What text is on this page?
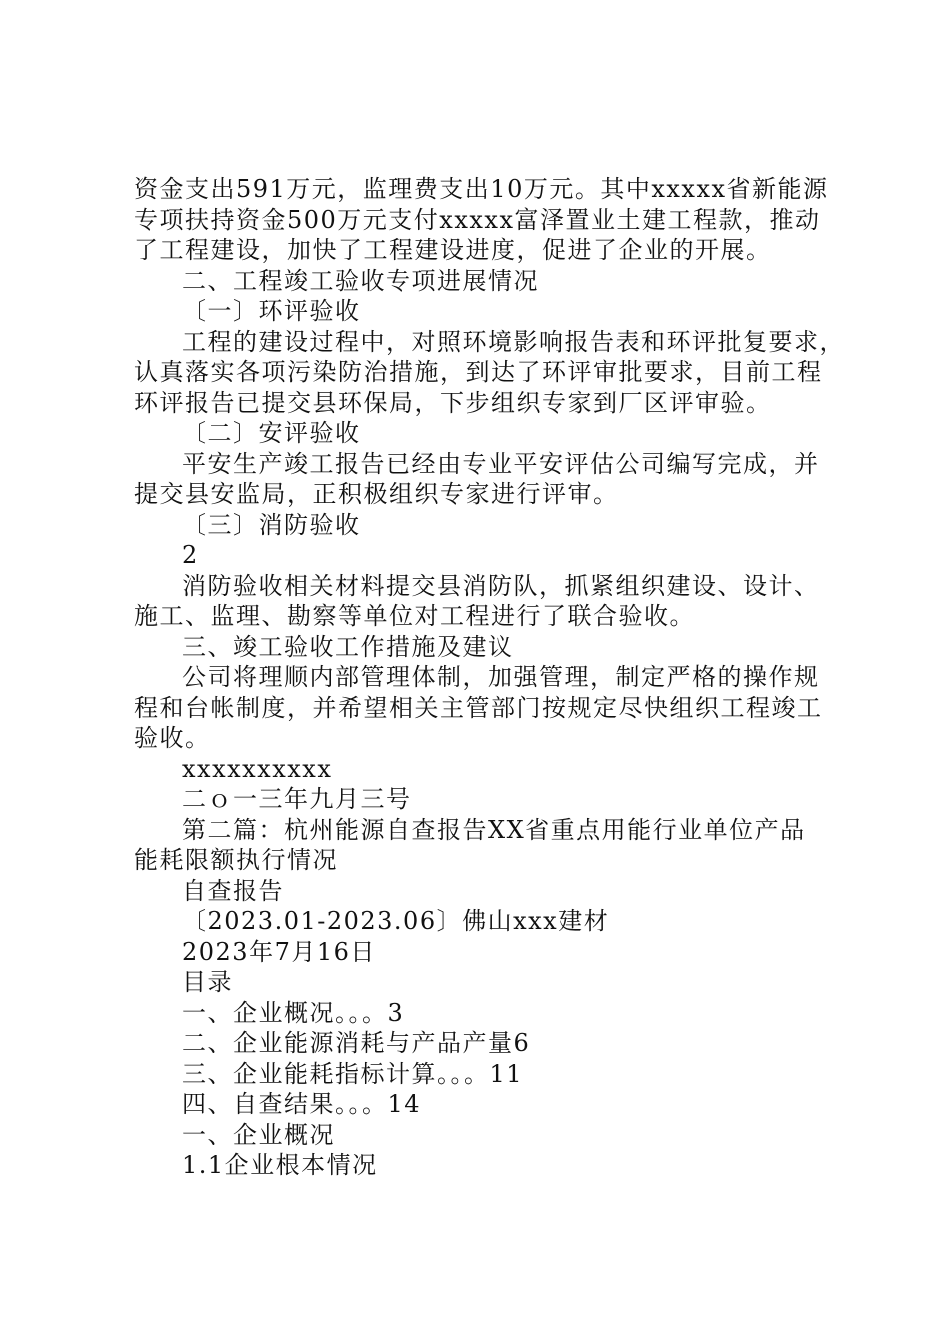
资金支出591万元，监理费支出10万元。其中xxxxx省新能源
专项扶持资金500万元支付xxxxx富泽置业土建工程款，推动
了工程建设，加快了工程建设进度，促进了企业的开展。
二、工程竣工验收专项进展情况
〔一〕环评验收
工程的建设过程中，对照环境影响报告表和环评批复要求，
认真落实各项污染防治措施，到达了环评审批要求，目前工程
环评报告已提交县环保局，下步组织专家到厂区评审验。
〔二〕安评验收
平安生产竣工报告已经由专业平安评估公司编写完成，并
提交县安监局，正积极组织专家进行评审。
〔三〕消防验收
2
消防验收相关材料提交县消防队，抓紧组织建设、设计、
施工、监理、勘察等单位对工程进行了联合验收。
三、竣工验收工作措施及建议
公司将理顺内部管理体制，加强管理，制定严格的操作规
程和台帐制度，并希望相关主管部门按规定尽快组织工程竣工
验收。
xxxxxxxxxx
二ｏ一三年九月三号
第二篇：杭州能源自查报告XX省重点用能行业单位产品
能耗限额执行情况
自查报告
〔2023.01-2023.06〕佛山xxx建材
2023年7月16日
目录
一、企业概况。。。3
二、企业能源消耗与产品产量6
三、企业能耗指标计算。。。11
四、自查结果。。。14
一、企业概况
1.1企业根本情况
